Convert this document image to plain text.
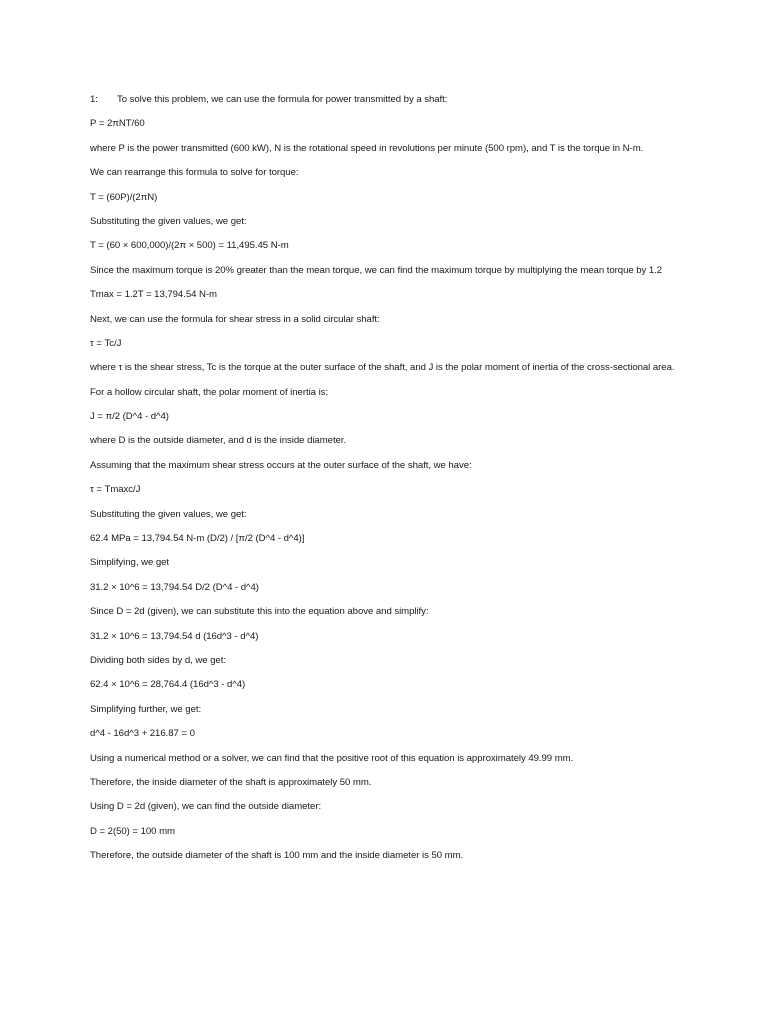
1:	To solve this problem, we can use the formula for power transmitted by a shaft:

P = 2πNT/60

where P is the power transmitted (600 kW), N is the rotational speed in revolutions per minute (500 rpm), and T is the torque in N-m.

We can rearrange this formula to solve for torque:

T = (60P)/(2πN)

Substituting the given values, we get:

T = (60 × 600,000)/(2π × 500) = 11,495.45 N-m

Since the maximum torque is 20% greater than the mean torque, we can find the maximum torque by multiplying the mean torque by 1.2

Tmax = 1.2T = 13,794.54 N-m

Next, we can use the formula for shear stress in a solid circular shaft:

τ = Tc/J

where τ is the shear stress, Tc is the torque at the outer surface of the shaft, and J is the polar moment of inertia of the cross-sectional area.

For a hollow circular shaft, the polar moment of inertia is:

J = π/2 (D^4 - d^4)

where D is the outside diameter, and d is the inside diameter.

Assuming that the maximum shear stress occurs at the outer surface of the shaft, we have:

τ = Tmaxc/J

Substituting the given values, we get:

62.4 MPa = 13,794.54 N-m (D/2) / [π/2 (D^4 - d^4)]

Simplifying, we get

31.2 × 10^6 = 13,794.54 D/2 (D^4 - d^4)

Since D = 2d (given), we can substitute this into the equation above and simplify:

31.2 × 10^6 = 13,794.54 d (16d^3 - d^4)

Dividing both sides by d, we get:

62.4 × 10^6 = 28,764.4 (16d^3 - d^4)

Simplifying further, we get:

d^4 - 16d^3 + 216.87 = 0

Using a numerical method or a solver, we can find that the positive root of this equation is approximately 49.99 mm.

Therefore, the inside diameter of the shaft is approximately 50 mm.

Using D = 2d (given), we can find the outside diameter:

D = 2(50) = 100 mm

Therefore, the outside diameter of the shaft is 100 mm and the inside diameter is 50 mm.
